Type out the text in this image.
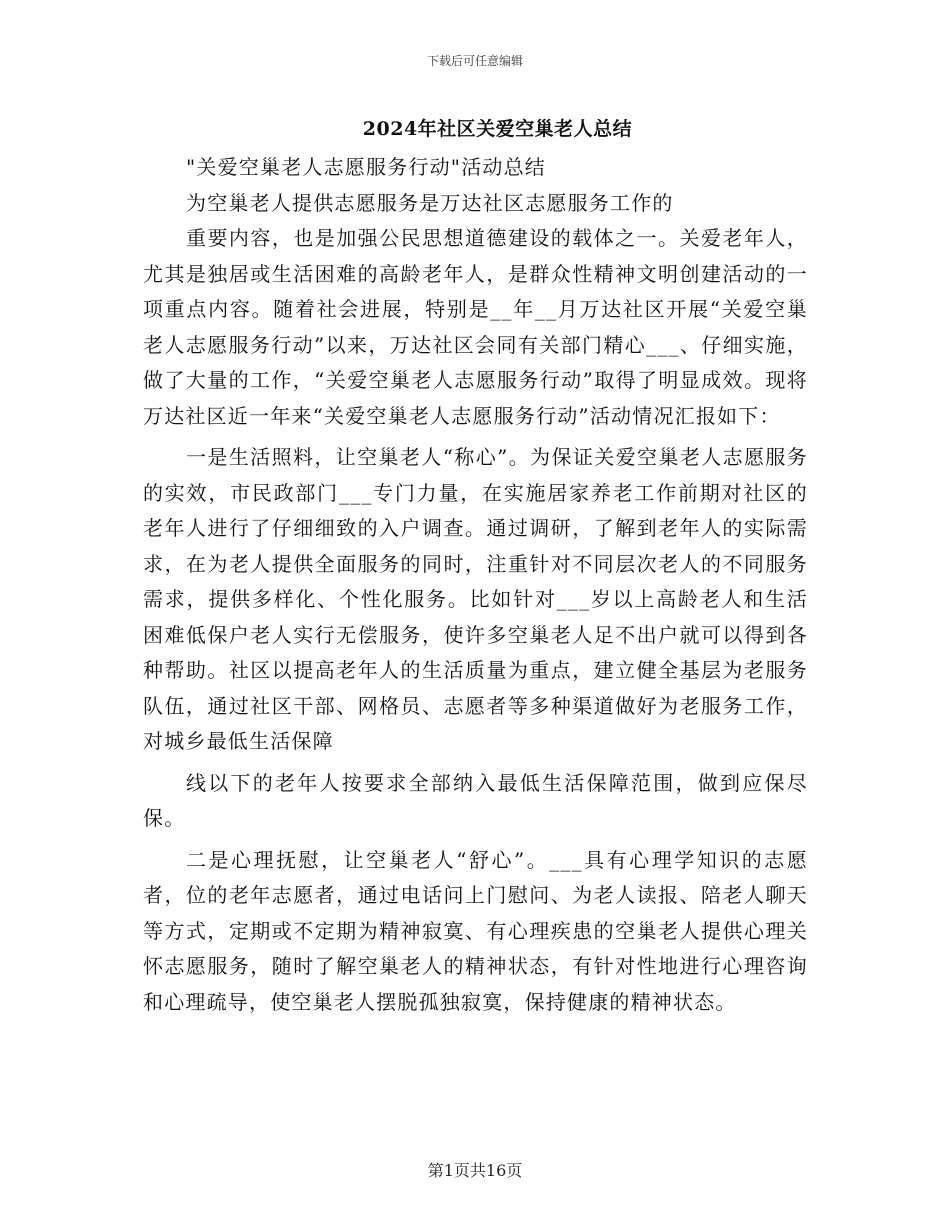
下载后可任意编辑
2024年社区关爱空巢老人总结

"关爱空巢老人志愿服务行动"活动总结

为空巢老人提供志愿服务是万达社区志愿服务工作的

重要内容，也是加强公民思想道德建设的载体之一。关爱老年人，尤其是独居或生活困难的高龄老年人，是群众性精神文明创建活动的一项重点内容。随着社会进展，特别是__年__月万达社区开展“关爱空巢老人志愿服务行动”以来，万达社区会同有关部门精心___、仔细实施，做了大量的工作，“关爱空巢老人志愿服务行动”取得了明显成效。现将万达社区近一年来“关爱空巢老人志愿服务行动”活动情况汇报如下：

一是生活照料，让空巢老人“称心”。为保证关爱空巢老人志愿服务的实效，市民政部门___专门力量，在实施居家养老工作前期对社区的老年人进行了仔细细致的入户调查。通过调研，了解到老年人的实际需求，在为老人提供全面服务的同时，注重针对不同层次老人的不同服务需求，提供多样化、个性化服务。比如针对___岁以上高龄老人和生活困难低保户老人实行无偿服务，使许多空巢老人足不出户就可以得到各种帮助。社区以提高老年人的生活质量为重点，建立健全基层为老服务队伍，通过社区干部、网格员、志愿者等多种渠道做好为老服务工作，对城乡最低生活保障

线以下的老年人按要求全部纳入最低生活保障范围，做到应保尽保。

二是心理抚慰，让空巢老人“舒心”。___具有心理学知识的志愿者，位的老年志愿者，通过电话问上门慰问、为老人读报、陪老人聊天等方式，定期或不定期为精神寂寞、有心理疾患的空巢老人提供心理关怀志愿服务，随时了解空巢老人的精神状态，有针对性地进行心理咨询和心理疏导，使空巢老人摆脱孤独寂寞，保持健康的精神状态。

第1页共16页
